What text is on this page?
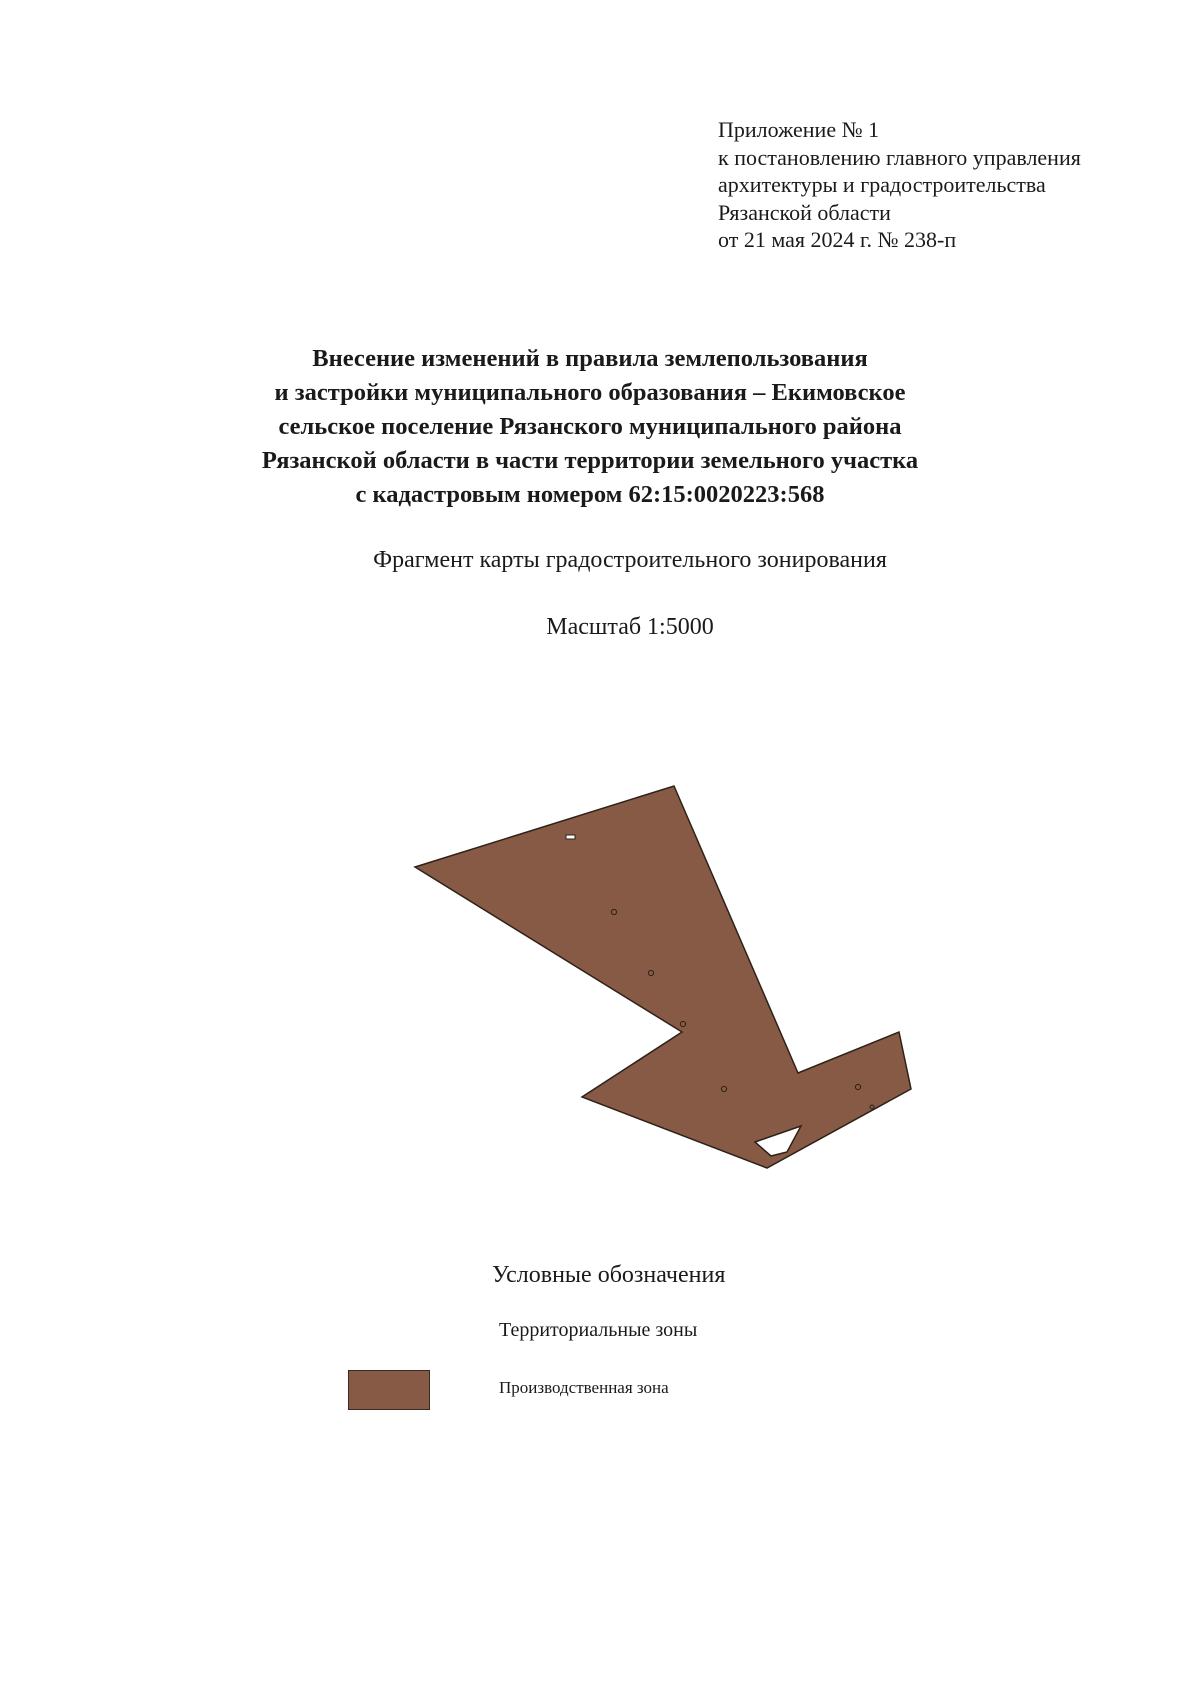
Приложение № 1
к постановлению главного управления
архитектуры и градостроительства
Рязанской области
от 21 мая 2024 г. № 238-п
Внесение изменений в правила землепользования
и застройки муниципального образования – Екимовское
сельское поселение Рязанского муниципального района
Рязанской области в части территории земельного участка
с кадастровым номером 62:15:0020223:568
Фрагмент карты градостроительного зонирования
Масштаб 1:5000
Условные обозначения
Территориальные зоны
Производственная зона
